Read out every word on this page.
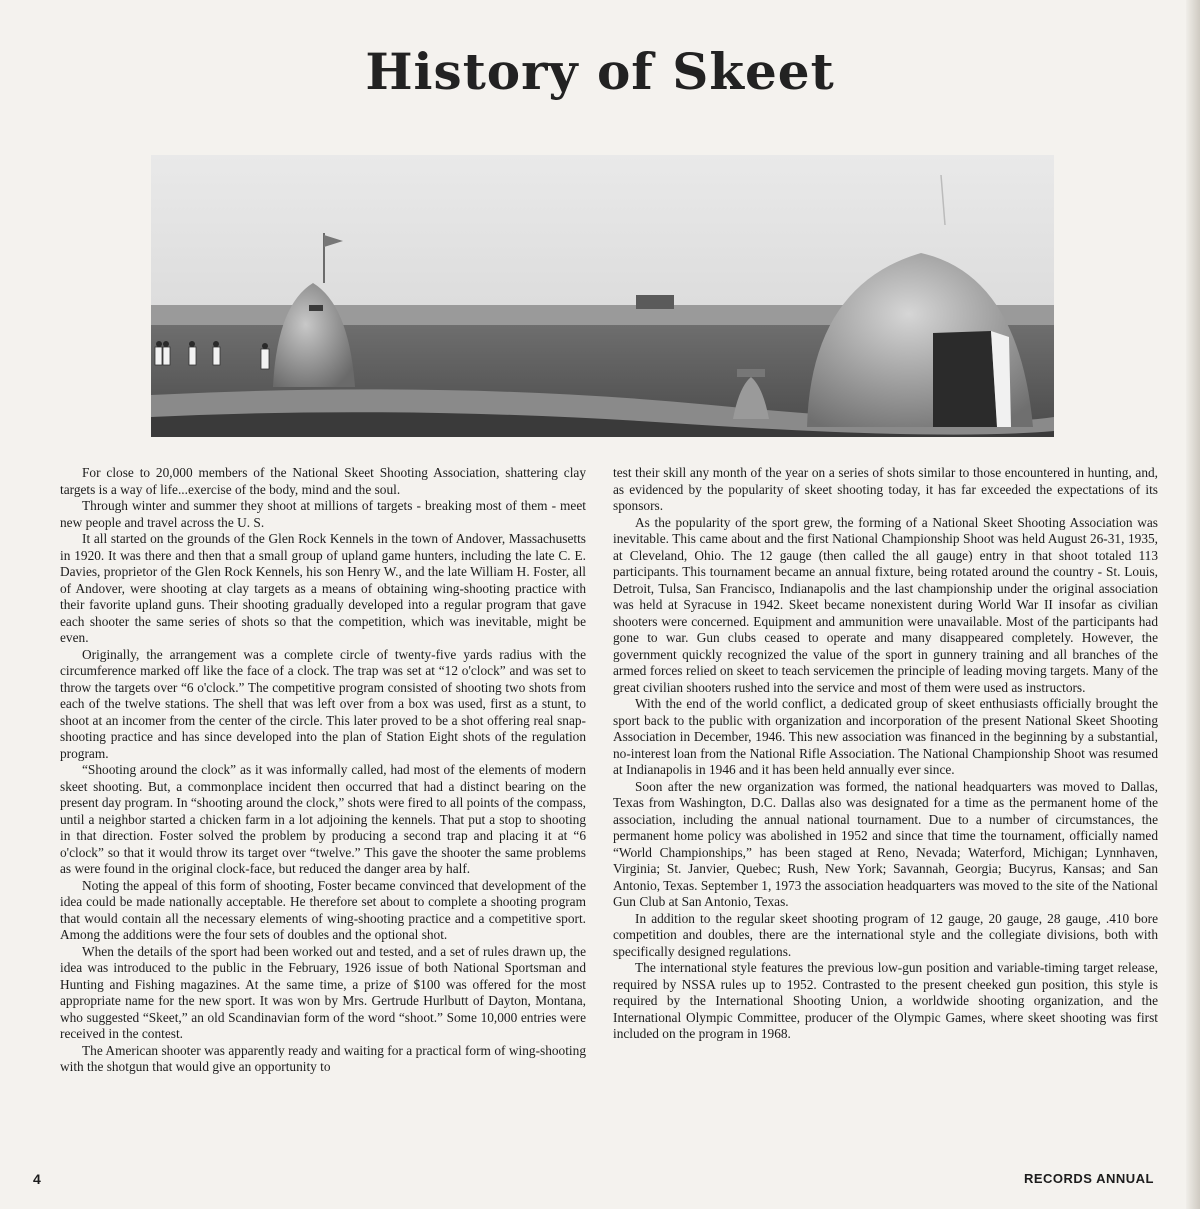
History of Skeet

For close to 20,000 members of the National Skeet Shooting Association, shattering clay targets is a way of life...exercise of the body, mind and the soul.

Through winter and summer they shoot at millions of targets - breaking most of them - meet new people and travel across the U. S.

It all started on the grounds of the Glen Rock Kennels in the town of Andover, Massachusetts in 1920. It was there and then that a small group of upland game hunters, including the late C. E. Davies, proprietor of the Glen Rock Kennels, his son Henry W., and the late William H. Foster, all of Andover, were shooting at clay targets as a means of obtaining wing-shooting practice with their favorite upland guns. Their shooting gradually developed into a regular program that gave each shooter the same series of shots so that the competition, which was inevitable, might be even.

Originally, the arrangement was a complete circle of twenty-five yards radius with the circumference marked off like the face of a clock. The trap was set at “12 o'clock” and was set to throw the targets over “6 o'clock.” The competitive program consisted of shooting two shots from each of the twelve stations. The shell that was left over from a box was used, first as a stunt, to shoot at an incomer from the center of the circle. This later proved to be a shot offering real snap-shooting practice and has since developed into the plan of Station Eight shots of the regulation program.

“Shooting around the clock” as it was informally called, had most of the elements of modern skeet shooting. But, a commonplace incident then occurred that had a distinct bearing on the present day program. In “shooting around the clock,” shots were fired to all points of the compass, until a neighbor started a chicken farm in a lot adjoining the kennels. That put a stop to shooting in that direction. Foster solved the problem by producing a second trap and placing it at “6 o'clock” so that it would throw its target over “twelve.” This gave the shooter the same problems as were found in the original clock-face, but reduced the danger area by half.

Noting the appeal of this form of shooting, Foster became convinced that development of the idea could be made nationally acceptable. He therefore set about to complete a shooting program that would contain all the necessary elements of wing-shooting practice and a competitive sport. Among the additions were the four sets of doubles and the optional shot.

When the details of the sport had been worked out and tested, and a set of rules drawn up, the idea was introduced to the public in the February, 1926 issue of both National Sportsman and Hunting and Fishing magazines. At the same time, a prize of $100 was offered for the most appropriate name for the new sport. It was won by Mrs. Gertrude Hurlbutt of Dayton, Montana, who suggested “Skeet,” an old Scandinavian form of the word “shoot.” Some 10,000 entries were received in the contest.

The American shooter was apparently ready and waiting for a practical form of wing-shooting with the shotgun that would give an opportunity to

test their skill any month of the year on a series of shots similar to those encountered in hunting, and, as evidenced by the popularity of skeet shooting today, it has far exceeded the expectations of its sponsors.

As the popularity of the sport grew, the forming of a National Skeet Shooting Association was inevitable. This came about and the first National Championship Shoot was held August 26-31, 1935, at Cleveland, Ohio. The 12 gauge (then called the all gauge) entry in that shoot totaled 113 participants. This tournament became an annual fixture, being rotated around the country - St. Louis, Detroit, Tulsa, San Francisco, Indianapolis and the last championship under the original association was held at Syracuse in 1942. Skeet became nonexistent during World War II insofar as civilian shooters were concerned. Equipment and ammunition were unavailable. Most of the participants had gone to war. Gun clubs ceased to operate and many disappeared completely. However, the government quickly recognized the value of the sport in gunnery training and all branches of the armed forces relied on skeet to teach servicemen the principle of leading moving targets. Many of the great civilian shooters rushed into the service and most of them were used as instructors.

With the end of the world conflict, a dedicated group of skeet enthusiasts officially brought the sport back to the public with organization and incorporation of the present National Skeet Shooting Association in December, 1946. This new association was financed in the beginning by a substantial, no-interest loan from the National Rifle Association. The National Championship Shoot was resumed at Indianapolis in 1946 and it has been held annually ever since.

Soon after the new organization was formed, the national headquarters was moved to Dallas, Texas from Washington, D.C. Dallas also was designated for a time as the permanent home of the association, including the annual national tournament. Due to a number of circumstances, the permanent home policy was abolished in 1952 and since that time the tournament, officially named “World Championships,” has been staged at Reno, Nevada; Waterford, Michigan; Lynnhaven, Virginia; St. Janvier, Quebec; Rush, New York; Savannah, Georgia; Bucyrus, Kansas; and San Antonio, Texas. September 1, 1973 the association headquarters was moved to the site of the National Gun Club at San Antonio, Texas.

In addition to the regular skeet shooting program of 12 gauge, 20 gauge, 28 gauge, .410 bore competition and doubles, there are the international style and the collegiate divisions, both with specifically designed regulations.

The international style features the previous low-gun position and variable-timing target release, required by NSSA rules up to 1952. Contrasted to the present cheeked gun position, this style is required by the International Shooting Union, a worldwide shooting organization, and the International Olympic Committee, producer of the Olympic Games, where skeet shooting was first included on the program in 1968.

4	RECORDS ANNUAL
